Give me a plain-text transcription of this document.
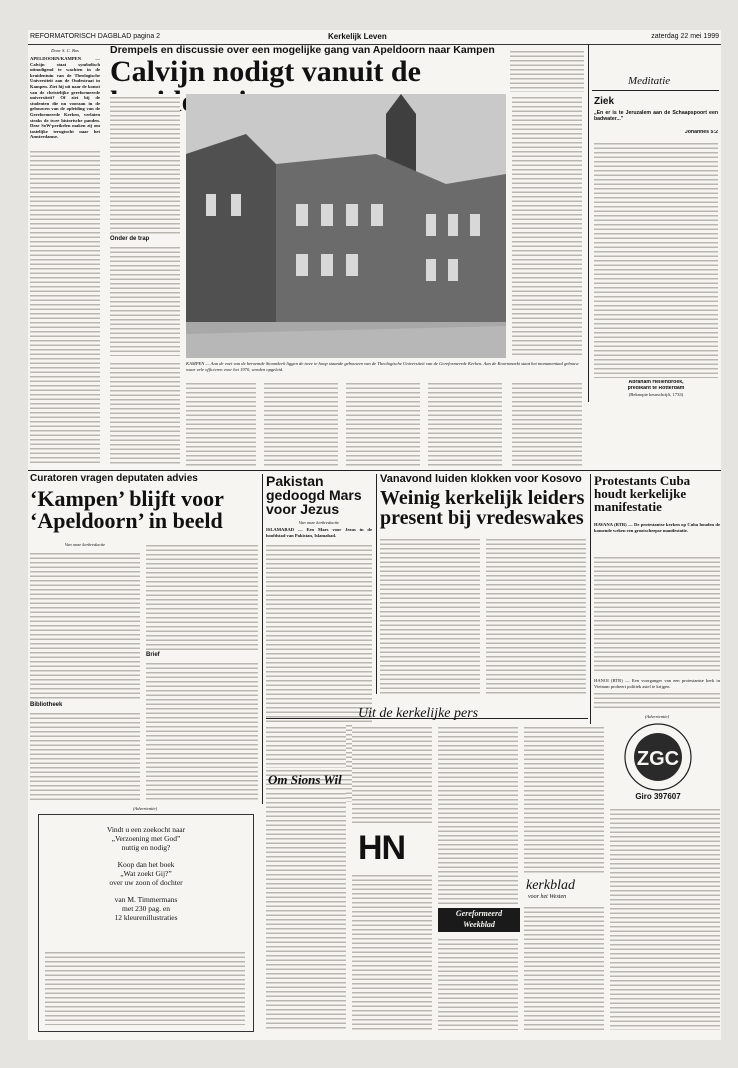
REFORMATORISCH DAGBLAD pagina 2	Kerkelijk Leven	zaterdag 22 mei 1999
Door S. C. Bos
APELDOORN/KAMPEN — Calvijn staat symbolisch uitnodigend te wachten in de kruidentuin van de Theologische Universiteit aan de Oudestraat in Kampen. Ziet hij uit naar de komst van de christelijke gereformeerde universiteit? Of ziet hij de studenten die nu vooraan in de gebouwen van de opleiding van de Gereformeerde Kerken, verlaten straks de twee historische panden. Deze SoW-perikelen maken zij om tastelijke terugtocht naar het Amsterdamse.
Drempels en discussie over een mogelijke gang van Apeldoorn naar Kampen
Calvijn nodigt vanuit de
Onder de trap
KAMPEN — Aan de voet van de beroemde Stoomkerk liggen de twee te hoop staande gebouwen van de Theologische Universiteit van de Gereformeerde Kerken. Aan de Koornmarkt staat het monumentaal gebouw waar vele officieren voor het 1970, worden opgeleid.
Meditatie
Ziek
„En er is te Jeruzalem aan de Schaapspoort een badwater...”
Johannes 5:2
Abraham Hellenbroek,
predikant te Rotterdam
(Beknopte keurschrijft, 1733)
Curatoren vragen deputaten advies
‘Kampen’ blijft voor ‘Apeldoorn’ in beeld
Van onze kerkredactie
Bibliotheek
Brief
Pakistan gedoogd Mars voor Jezus
Van onze kerkredactie
ISLAMABAD — Een Mars voor Jezus in de hoofdstad van Pakistan, Islamabad.
Vanavond luiden klokken voor Kosovo
Weinig kerkelijk leiders present bij vredeswakes
Protestants Cuba houdt kerkelijke manifestatie
HAVANA (RTR) — De protestantse kerken op Cuba houden de komende weken een grootscheepse manifestatie.
HANOI (RTR) — Een voorganger van een protestantse kerk in Vietnam probeert politiek asiel te krijgen.
(Advertentie)
ZGC
Giro 397607
Uit de kerkelijke pers
(Advertentie)
Vindt u een zoekocht naar
„Verzoening met God”
nuttig en nodig?
Koop dan het boek
„Wat zoekt Gij?”
over uw zoon of dochter
van M. Timmermans
met 230 pag. en
12 kleurenillustraties
Om Sions Wil
HN
Gereformeerd
Weekblad
kerkblad
voor het Westen
